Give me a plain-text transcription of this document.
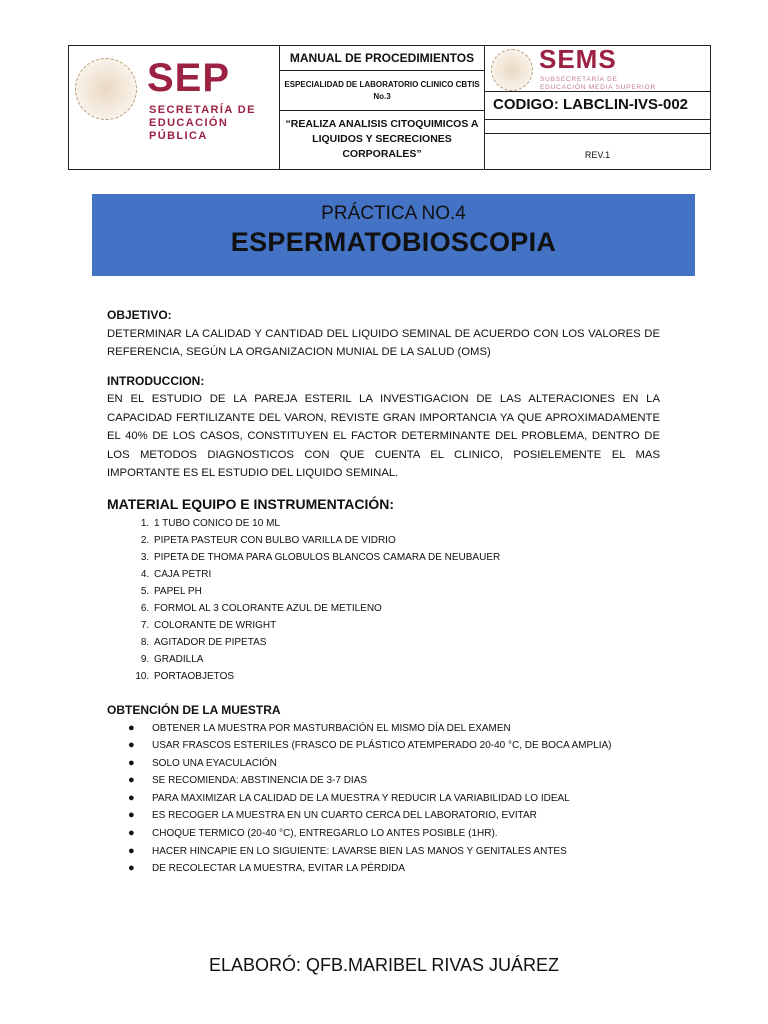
SEP
SECRETARÍA DE
EDUCACIÓN PÚBLICA
MANUAL DE PROCEDIMIENTOS
ESPECIALIDAD DE LABORATORIO CLINICO CBTIS No.3
“REALIZA ANALISIS CITOQUIMICOS A LIQUIDOS Y SECRECIONES CORPORALES”
SEMS
SUBSECRETARÍA DE
EDUCACIÓN MEDIA SUPERIOR
CODIGO: LABCLIN-IVS-002
REV.1
PRÁCTICA NO.4
ESPERMATOBIOSCOPIA
OBJETIVO:
DETERMINAR LA CALIDAD Y CANTIDAD DEL LIQUIDO SEMINAL DE ACUERDO CON LOS VALORES DE REFERENCIA, SEGÚN LA ORGANIZACION MUNIAL DE LA SALUD (OMS)
INTRODUCCION:
EN EL ESTUDIO DE LA PAREJA ESTERIL LA INVESTIGACION DE LAS ALTERACIONES EN LA CAPACIDAD FERTILIZANTE DEL VARON, REVISTE GRAN IMPORTANCIA YA QUE APROXIMADAMENTE EL 40% DE LOS CASOS, CONSTITUYEN EL FACTOR DETERMINANTE DEL PROBLEMA, DENTRO DE LOS METODOS DIAGNOSTICOS CON QUE CUENTA EL CLINICO, POSIELEMENTE EL MAS IMPORTANTE ES EL ESTUDIO DEL LIQUIDO SEMINAL.
MATERIAL EQUIPO E INSTRUMENTACIÓN:
1. 1 TUBO CONICO DE 10 ML
2. PIPETA PASTEUR CON BULBO VARILLA DE VIDRIO
3. PIPETA DE THOMA PARA GLOBULOS BLANCOS CAMARA DE NEUBAUER
4. CAJA PETRI
5. PAPEL PH
6. FORMOL AL 3 COLORANTE AZUL DE METILENO
7. COLORANTE DE WRIGHT
8. AGITADOR DE PIPETAS
9. GRADILLA
10. PORTAOBJETOS
OBTENCIÓN DE LA MUESTRA
● OBTENER LA MUESTRA POR MASTURBACIÓN EL MISMO DÍA DEL EXAMEN
● USAR FRASCOS ESTERILES (FRASCO DE PLÁSTICO ATEMPERADO 20-40 °C, DE BOCA AMPLIA)
● SOLO UNA EYACULACIÓN
● SE RECOMIENDA: ABSTINENCIA DE 3-7 DIAS
● PARA MAXIMIZAR LA CALIDAD DE LA MUESTRA Y REDUCIR LA VARIABILIDAD LO IDEAL
● ES RECOGER LA MUESTRA EN UN CUARTO CERCA DEL LABORATORIO, EVITAR
● CHOQUE TERMICO (20-40 °C), ENTREGARLO LO ANTES POSIBLE (1HR).
● HACER HINCAPIE EN LO SIGUIENTE: LAVARSE BIEN LAS MANOS Y GENITALES ANTES
● DE RECOLECTAR LA MUESTRA, EVITAR LA PÉRDIDA
ELABORÓ: QFB.MARIBEL RIVAS JUÁREZ
